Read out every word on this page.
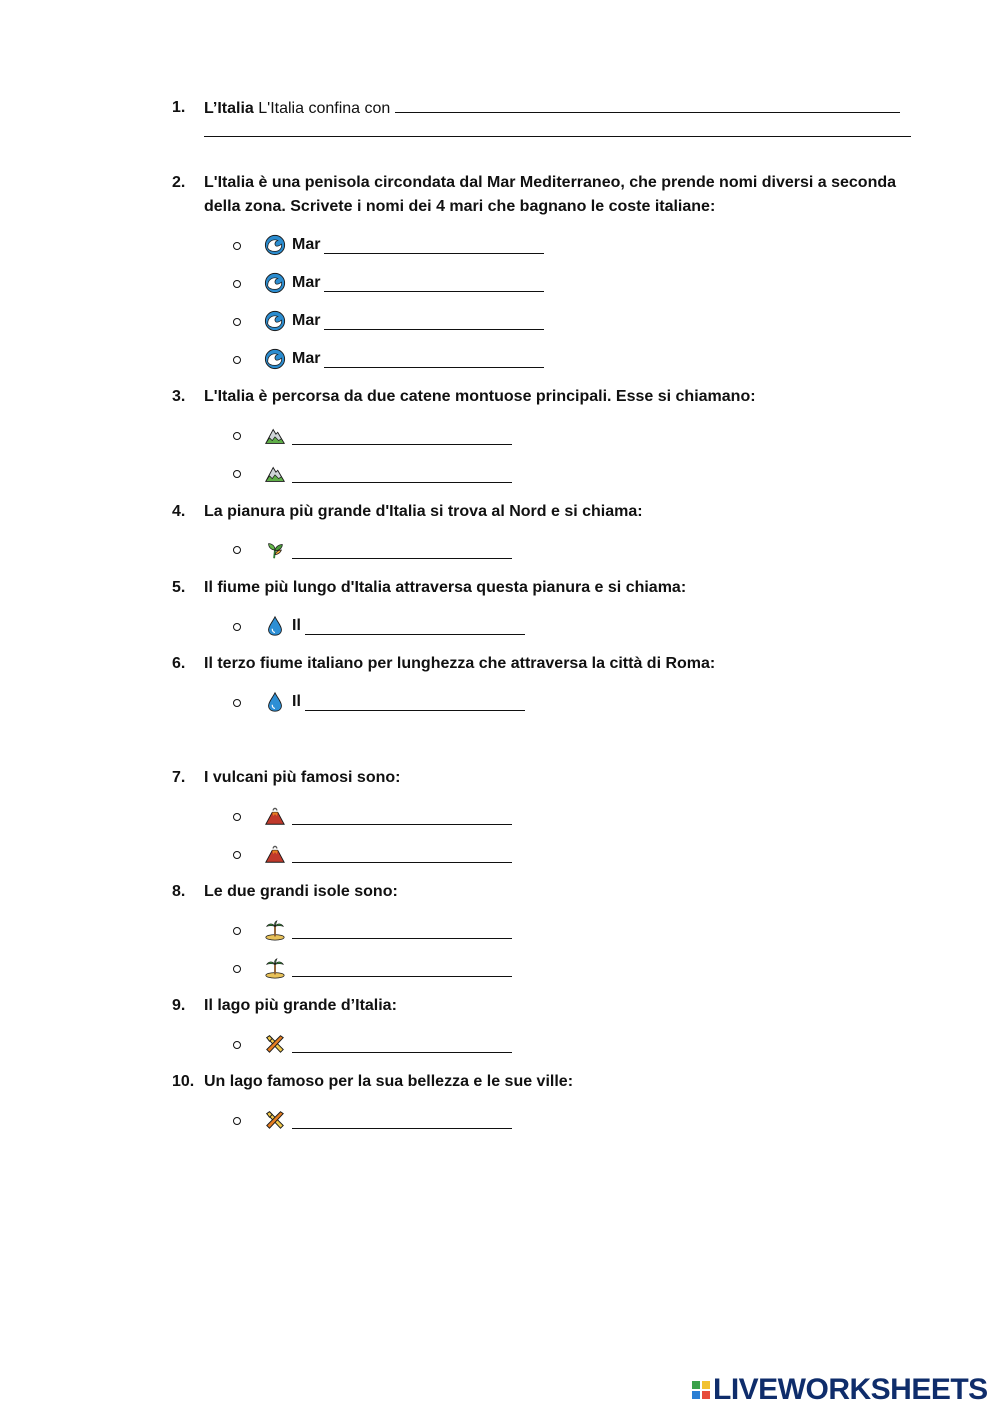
1. L’Italia L'Italia confina con
2. L'Italia è una penisola circondata dal Mar Mediterraneo, che prende nomi diversi a seconda della zona. Scrivete i nomi dei 4 mari che bagnano le coste italiane:
Mar
Mar
Mar
Mar
3. L'Italia è percorsa da due catene montuose principali. Esse si chiamano:
4. La pianura più grande d'Italia si trova al Nord e si chiama:
5. Il fiume più lungo d'Italia attraversa questa pianura e si chiama:
Il
6. Il terzo fiume italiano per lunghezza che attraversa la città di Roma:
Il
7. I vulcani più famosi sono:
8. Le due grandi isole sono:
9. Il lago più grande d’Italia:
10. Un lago famoso per la sua bellezza e le sue ville:
LIVEWORKSHEETS
